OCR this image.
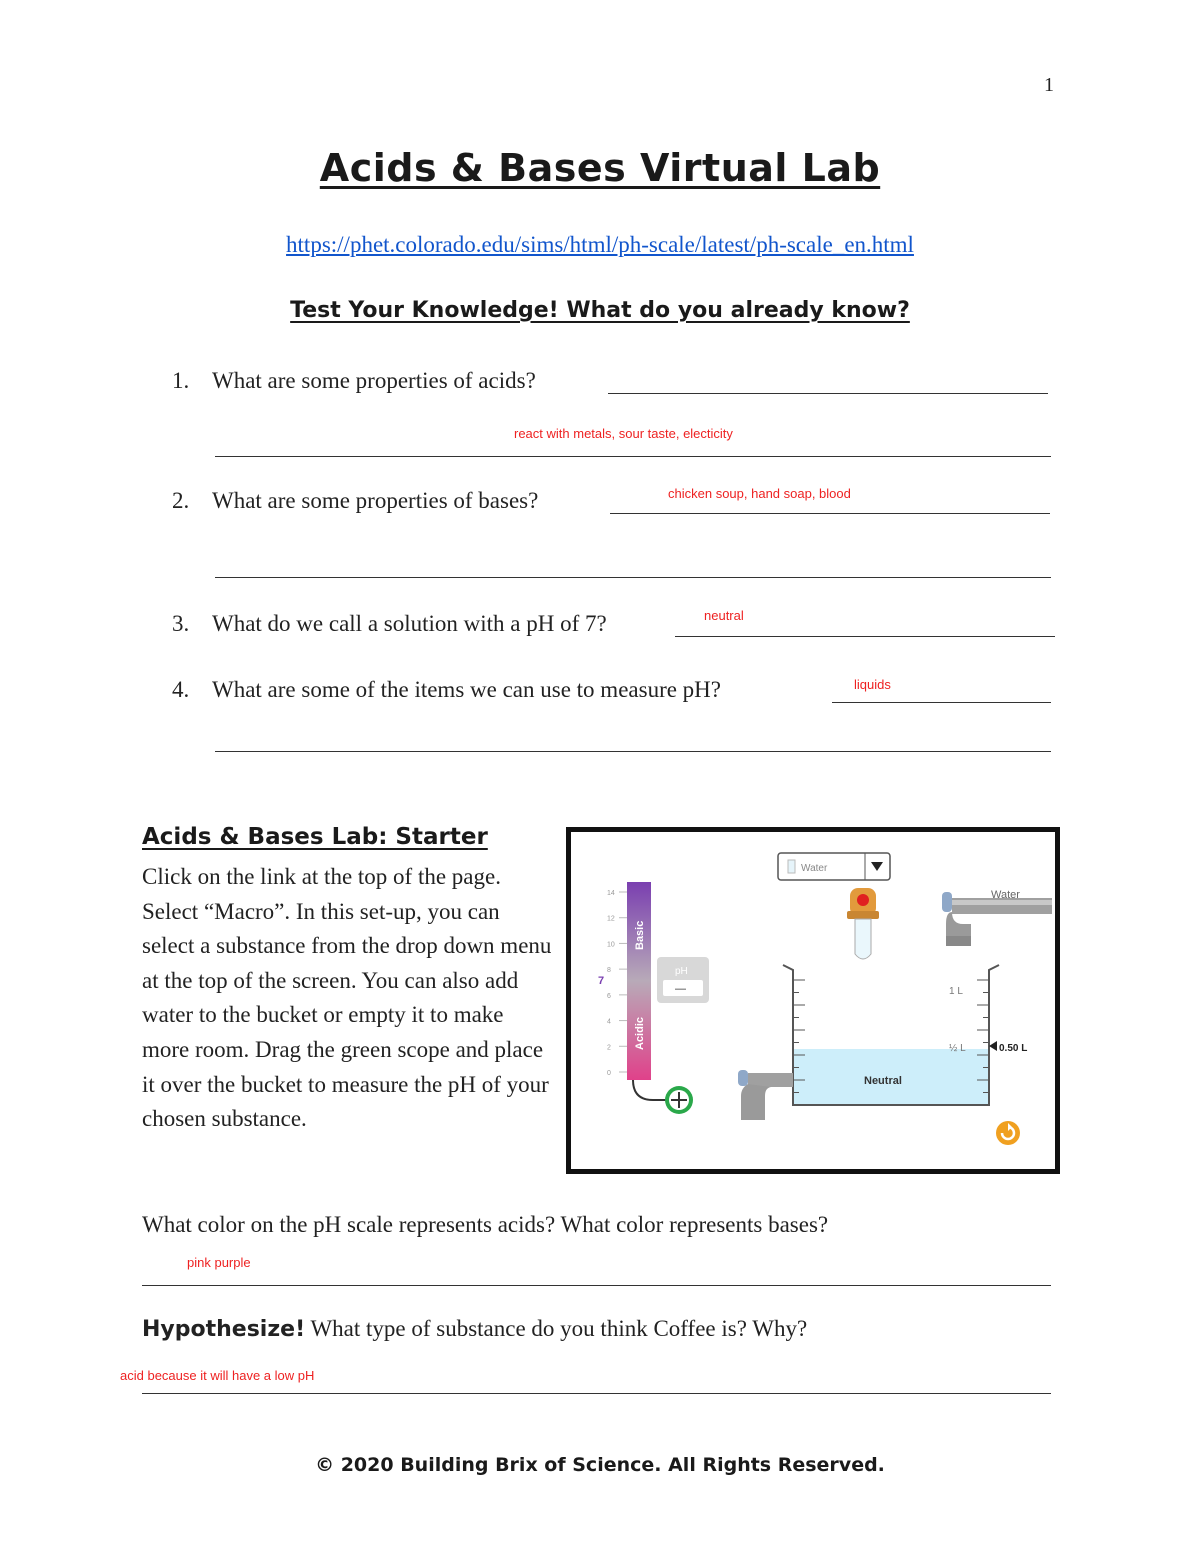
1
Acids & Bases Virtual Lab
https://phet.colorado.edu/sims/html/ph-scale/latest/ph-scale_en.html
Test Your Knowledge! What do you already know?
1. What are some properties of acids?
react with metals, sour taste, electicity
2. What are some properties of bases?	chicken soup, hand soap, blood
3. What do we call a solution with a pH of 7?	neutral
4. What are some of the items we can use to measure pH?	liquids
Acids & Bases Lab: Starter
Click on the link at the top of the page. Select “Macro”. In this set-up, you can select a substance from the drop down menu at the top of the screen. You can also add water to the bucket or empty it to make more room. Drag the green scope and place it over the bucket to measure the pH of your chosen substance.
Water
Water
Basic
Acidic
14
12
10
8
6
4
2
0
7
pH
—	1 L
½ L	0.50 L
Neutral
What color on the pH scale represents acids? What color represents bases?
pink purple
Hypothesize! What type of substance do you think Coffee is? Why?
acid because it will have a low pH
© 2020 Building Brix of Science. All Rights Reserved.
